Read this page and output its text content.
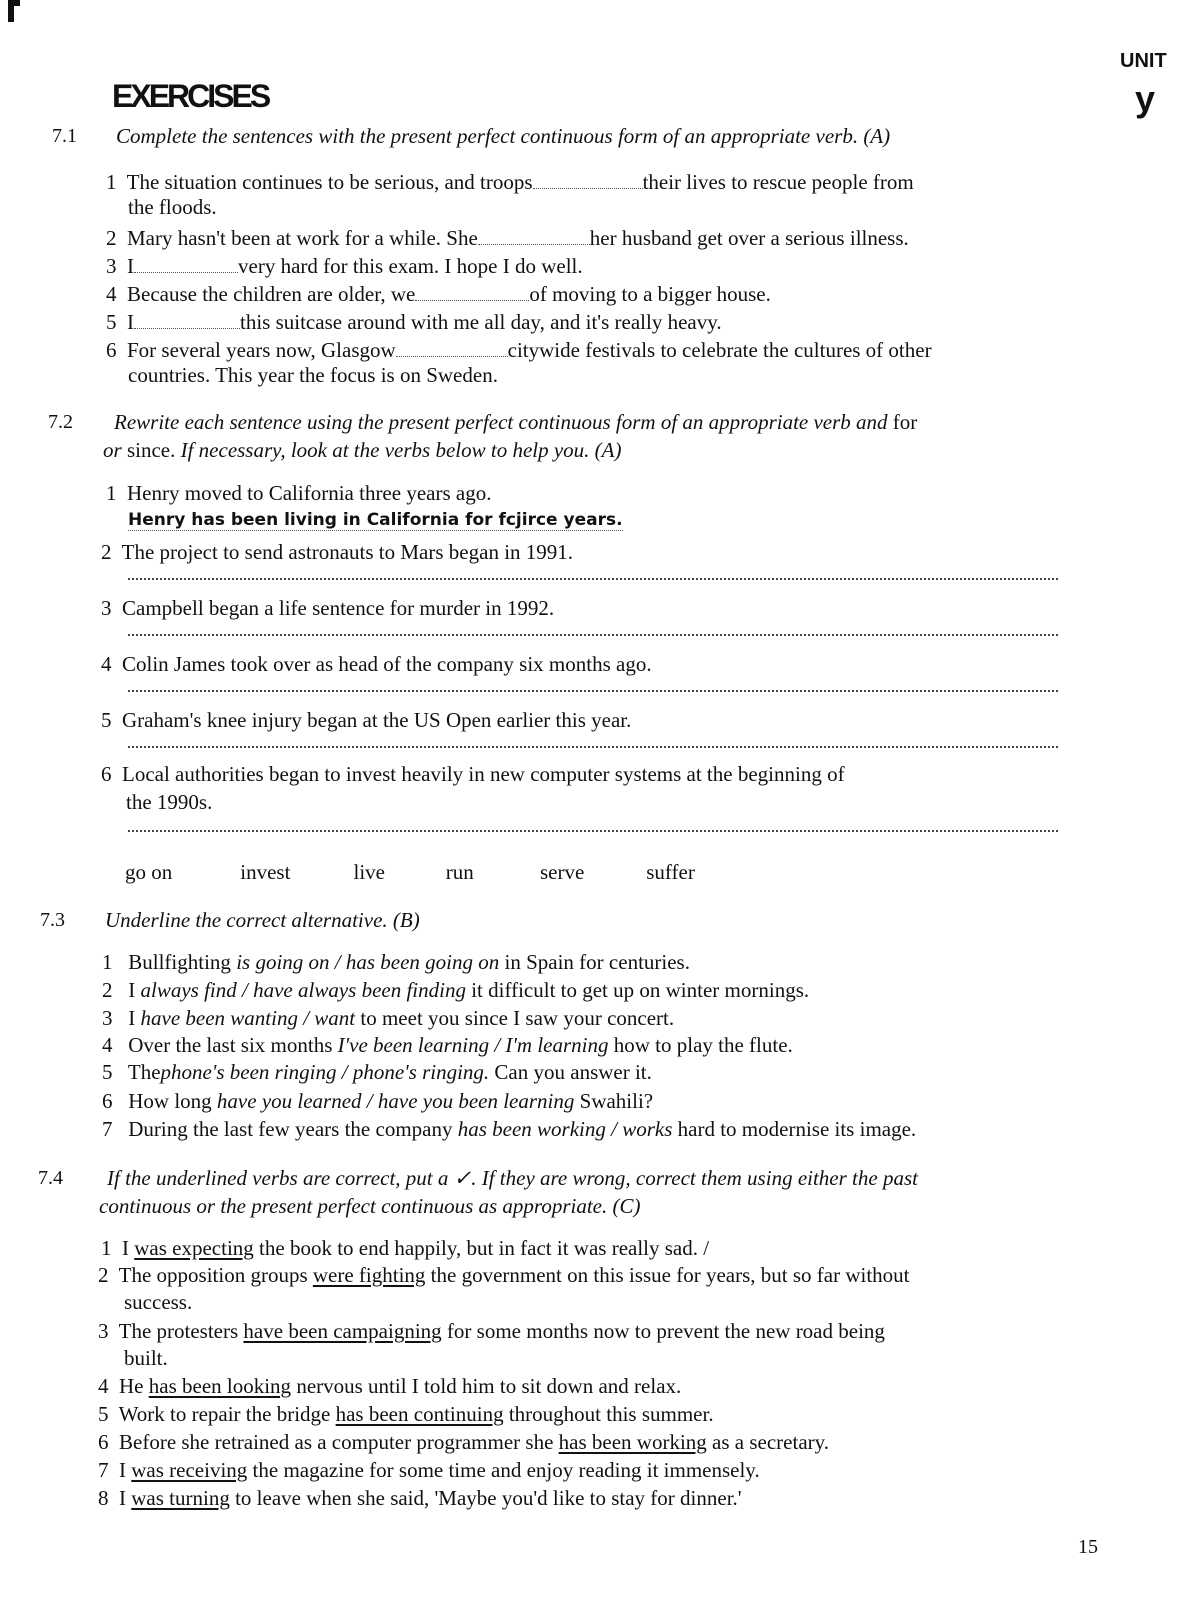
UNIT
y
EXERCISES
7.1 Complete the sentences with the present perfect continuous form of an appropriate verb. (A)
1 The situation continues to be serious, and troops	their lives to rescue people from
the floods.
2 Mary hasn't been at work for a while. She	her husband get over a serious illness.
3 I	very hard for this exam. I hope I do well.
4 Because the children are older, we	of moving to a bigger house.
5 I	this suitcase around with me all day, and it's really heavy.
6 For several years now, Glasgow	citywide festivals to celebrate the cultures of other
countries. This year the focus is on Sweden.
7.2 Rewrite each sentence using the present perfect continuous form of an appropriate verb and for
or since. If necessary, look at the verbs below to help you. (A)
1 Henry moved to California three years ago.
Henry has been living in California for fcjirce years.
2 The project to send astronauts to Mars began in 1991.
3 Campbell began a life sentence for murder in 1992.
4 Colin James took over as head of the company six months ago.
5 Graham's knee injury began at the US Open earlier this year.
6 Local authorities began to invest heavily in new computer systems at the beginning of
the 1990s.
go on	invest	live	run	serve	suffer
7.3 Underline the correct alternative. (B)
1 Bullfighting is going on / has been going on in Spain for centuries.
2 I always find / have always been finding it difficult to get up on winter mornings.
3 I have been wanting / want to meet you since I saw your concert.
4 Over the last six months I've been learning / I'm learning how to play the flute.
5 Thephone's been ringing / phone's ringing. Can you answer it.
6 How long have you learned / have you been learning Swahili?
7 During the last few years the company has been working / works hard to modernise its image.
7.4 If the underlined verbs are correct, put a ✓. If they are wrong, correct them using either the past
continuous or the present perfect continuous as appropriate. (C)
1 I was expecting the book to end happily, but in fact it was really sad. /
2 The opposition groups were fighting the government on this issue for years, but so far without
success.
3 The protesters have been campaigning for some months now to prevent the new road being
built.
4 He has been looking nervous until I told him to sit down and relax.
5 Work to repair the bridge has been continuing throughout this summer.
6 Before she retrained as a computer programmer she has been working as a secretary.
7 I was receiving the magazine for some time and enjoy reading it immensely.
8 I was turning to leave when she said, 'Maybe you'd like to stay for dinner.'
15
